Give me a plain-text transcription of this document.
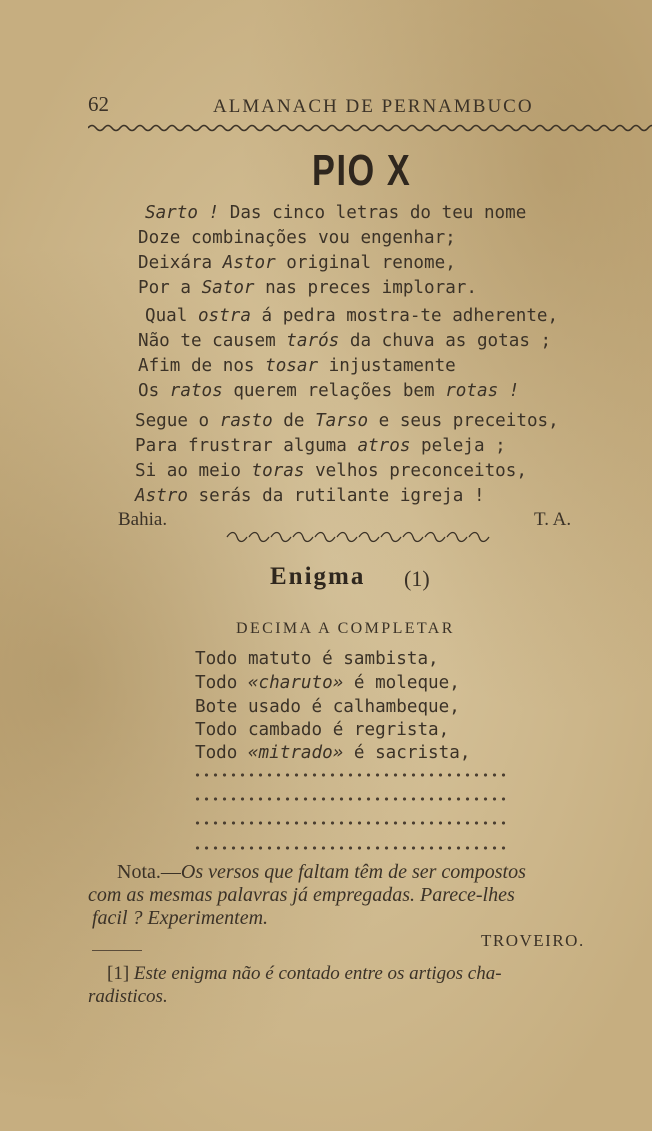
62	ALMANACH DE PERNAMBUCO
PIO X
Sarto ! Das cinco letras do teu nome
Doze combinações vou engenhar;
Deixára Astor original renome,
Por a Sator nas preces implorar.
Qual ostra á pedra mostra-te adherente,
Não te causem tarós da chuva as gotas ;
Afim de nos tosar injustamente
Os ratos querem relações bem rotas !
Segue o rasto de Tarso e seus preceitos,
Para frustrar alguma atros peleja ;
Si ao meio toras velhos preconceitos,
Astro serás da rutilante igreja !
Bahia.	T. A.
Enigma (1)
DECIMA A COMPLETAR
Todo matuto é sambista,
Todo «charuto» é moleque,
Bote usado é calhambeque,
Todo cambado é regrista,
Todo «mitrado» é sacrista,
Nota.—Os versos que faltam têm de ser compostos
com as mesmas palavras já empregadas. Parece-lhes
facil ? Experimentem.
TROVEIRO.
[1] Este enigma não é contado entre os artigos cha-
radisticos.
